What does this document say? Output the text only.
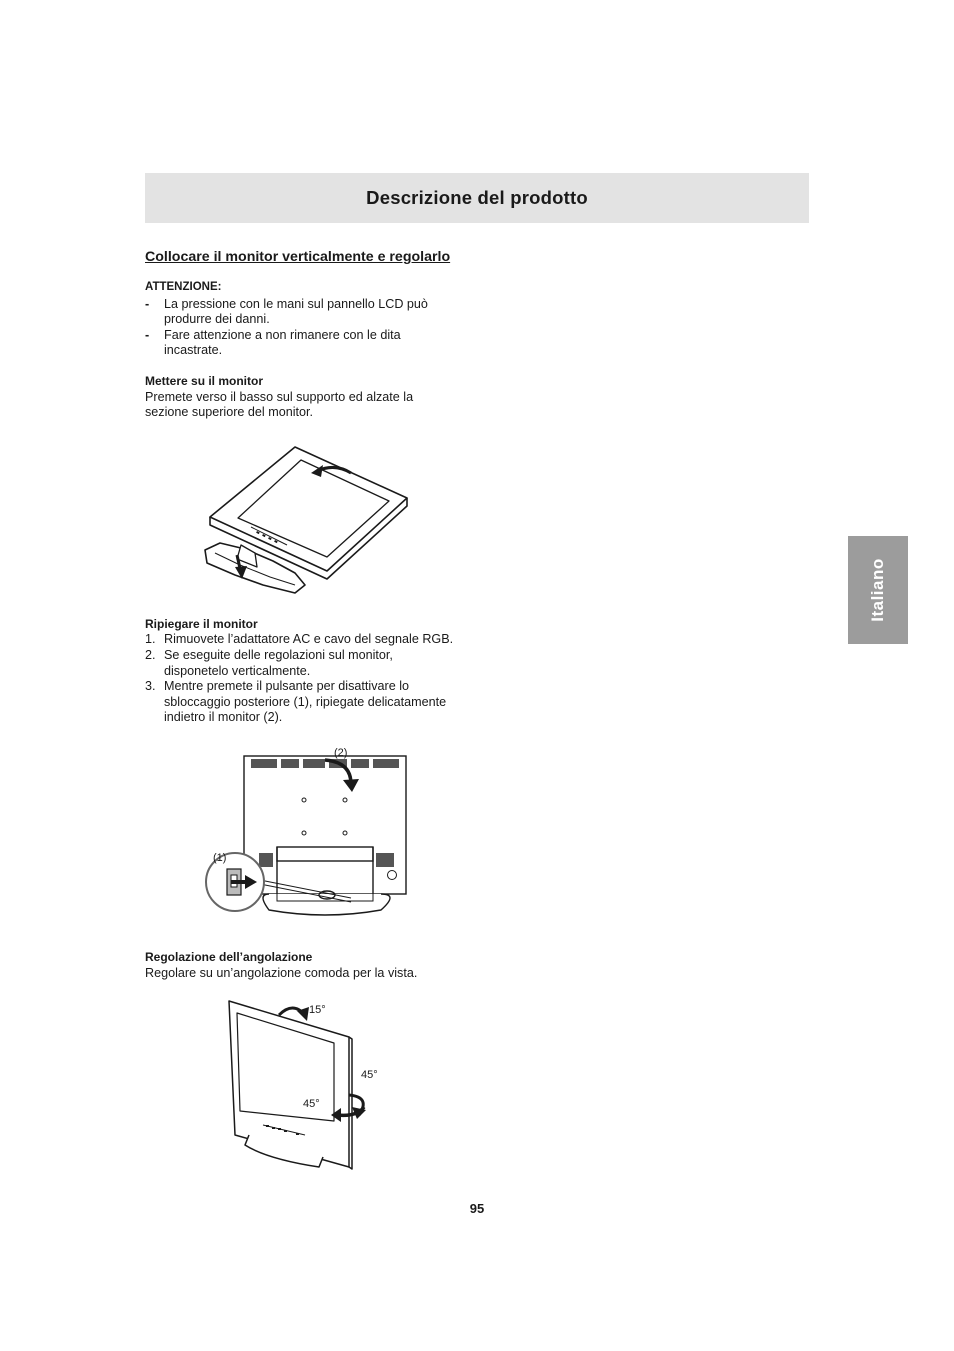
Descrizione del prodotto
Italiano
Collocare il monitor verticalmente e regolarlo

ATTENZIONE:

- La pressione con le mani sul pannello LCD può produrre dei danni.
- Fare attenzione a non rimanere con le dita incastrate.

Mettere su il monitor

Premete verso il basso sul supporto ed alzate la sezione superiore del monitor.

Ripiegare il monitor

1. Rimuovete l’adattatore AC e cavo del segnale RGB.
2. Se eseguite delle regolazioni sul monitor, disponetelo verticalmente.
3. Mentre premete il pulsante per disattivare lo sbloccaggio posteriore (1), ripiegate delicatamente indietro il monitor (2).
(2)
(1)

Regolazione dell’angolazione

Regolare su un’angolazione comoda per la vista.

15°
45°
45°
95
